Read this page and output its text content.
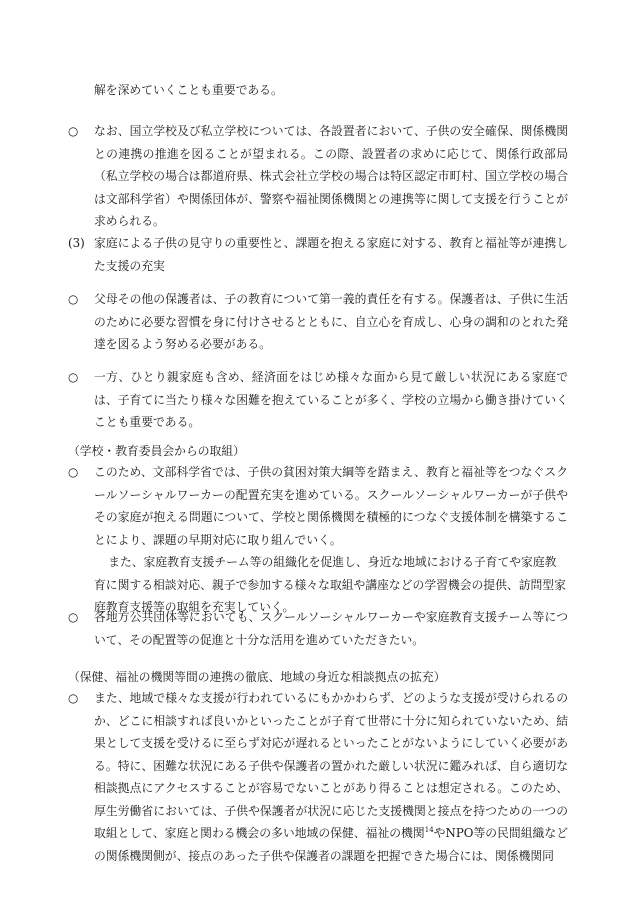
解を深めていくことも重要である。
○	なお、国立学校及び私立学校については、各設置者において、子供の安全確保、関係機関との連携の推進を図ることが望まれる。この際、設置者の求めに応じて、関係行政部局（私立学校の場合は都道府県、株式会社立学校の場合は特区認定市町村、国立学校の場合は文部科学省）や関係団体が、警察や福祉関係機関との連携等に関して支援を行うことが求められる。
(3) 家庭による子供の見守りの重要性と、課題を抱える家庭に対する、教育と福祉等が連携した支援の充実
○	父母その他の保護者は、子の教育について第一義的責任を有する。保護者は、子供に生活のために必要な習慣を身に付けさせるとともに、自立心を育成し、心身の調和のとれた発達を図るよう努める必要がある。
○	一方、ひとり親家庭も含め、経済面をはじめ様々な面から見て厳しい状況にある家庭では、子育てに当たり様々な困難を抱えていることが多く、学校の立場から働き掛けていくことも重要である。
（学校・教育委員会からの取組）
○	このため、文部科学省では、子供の貧困対策大綱等を踏まえ、教育と福祉等をつなぐスクールソーシャルワーカーの配置充実を進めている。スクールソーシャルワーカーが子供やその家庭が抱える問題について、学校と関係機関を積極的につなぐ支援体制を構築することにより、課題の早期対応に取り組んでいく。
また、家庭教育支援チーム等の組織化を促進し、身近な地域における子育てや家庭教育に関する相談対応、親子で参加する様々な取組や講座などの学習機会の提供、訪問型家庭教育支援等の取組を充実していく。
○	各地方公共団体等においても、スクールソーシャルワーカーや家庭教育支援チーム等について、その配置等の促進と十分な活用を進めていただきたい。
（保健、福祉の機関等間の連携の徹底、地域の身近な相談拠点の拡充）
○	また、地域で様々な支援が行われているにもかかわらず、どのような支援が受けられるのか、どこに相談すれば良いかといったことが子育て世帯に十分に知られていないため、結果として支援を受けるに至らず対応が遅れるといったことがないようにしていく必要がある。特に、困難な状況にある子供や保護者の置かれた厳しい状況に鑑みれば、自ら適切な相談拠点にアクセスすることが容易でないことがあり得ることは想定される。このため、厚生労働省においては、子供や保護者が状況に応じた支援機関と接点を持つための一つの取組として、家庭と関わる機会の多い地域の保健、福祉の機関$^{14}$やNPO等の民間組織などの関係機関側が、接点のあった子供や保護者の課題を把握できた場合には、関係機関同
